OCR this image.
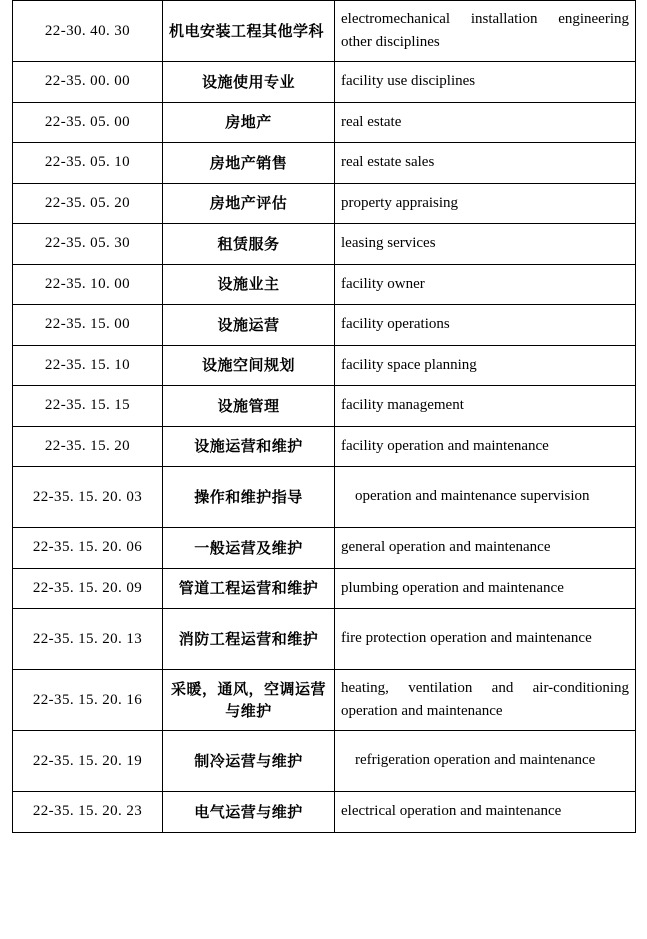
22-30. 40. 30	机电安装工程其他学科	electromechanical installation engineering other disciplines
22-35. 00. 00	设施使用专业	facility use disciplines
22-35. 05. 00	房地产	real estate
22-35. 05. 10	房地产销售	real estate sales
22-35. 05. 20	房地产评估	property appraising
22-35. 05. 30	租赁服务	leasing services
22-35. 10. 00	设施业主	facility owner
22-35. 15. 00	设施运营	facility operations
22-35. 15. 10	设施空间规划	facility space planning
22-35. 15. 15	设施管理	facility management
22-35. 15. 20	设施运营和维护	facility operation and maintenance
22-35. 15. 20. 03	操作和维护指导	operation and maintenance supervision
22-35. 15. 20. 06	一般运营及维护	general operation and maintenance
22-35. 15. 20. 09	管道工程运营和维护	plumbing operation and maintenance
22-35. 15. 20. 13	消防工程运营和维护	fire protection operation and maintenance
22-35. 15. 20. 16	采暖，通风，空调运营与维护	heating, ventilation and air-conditioning operation and maintenance
22-35. 15. 20. 19	制冷运营与维护	refrigeration operation and maintenance
22-35. 15. 20. 23	电气运营与维护	electrical operation and maintenance
